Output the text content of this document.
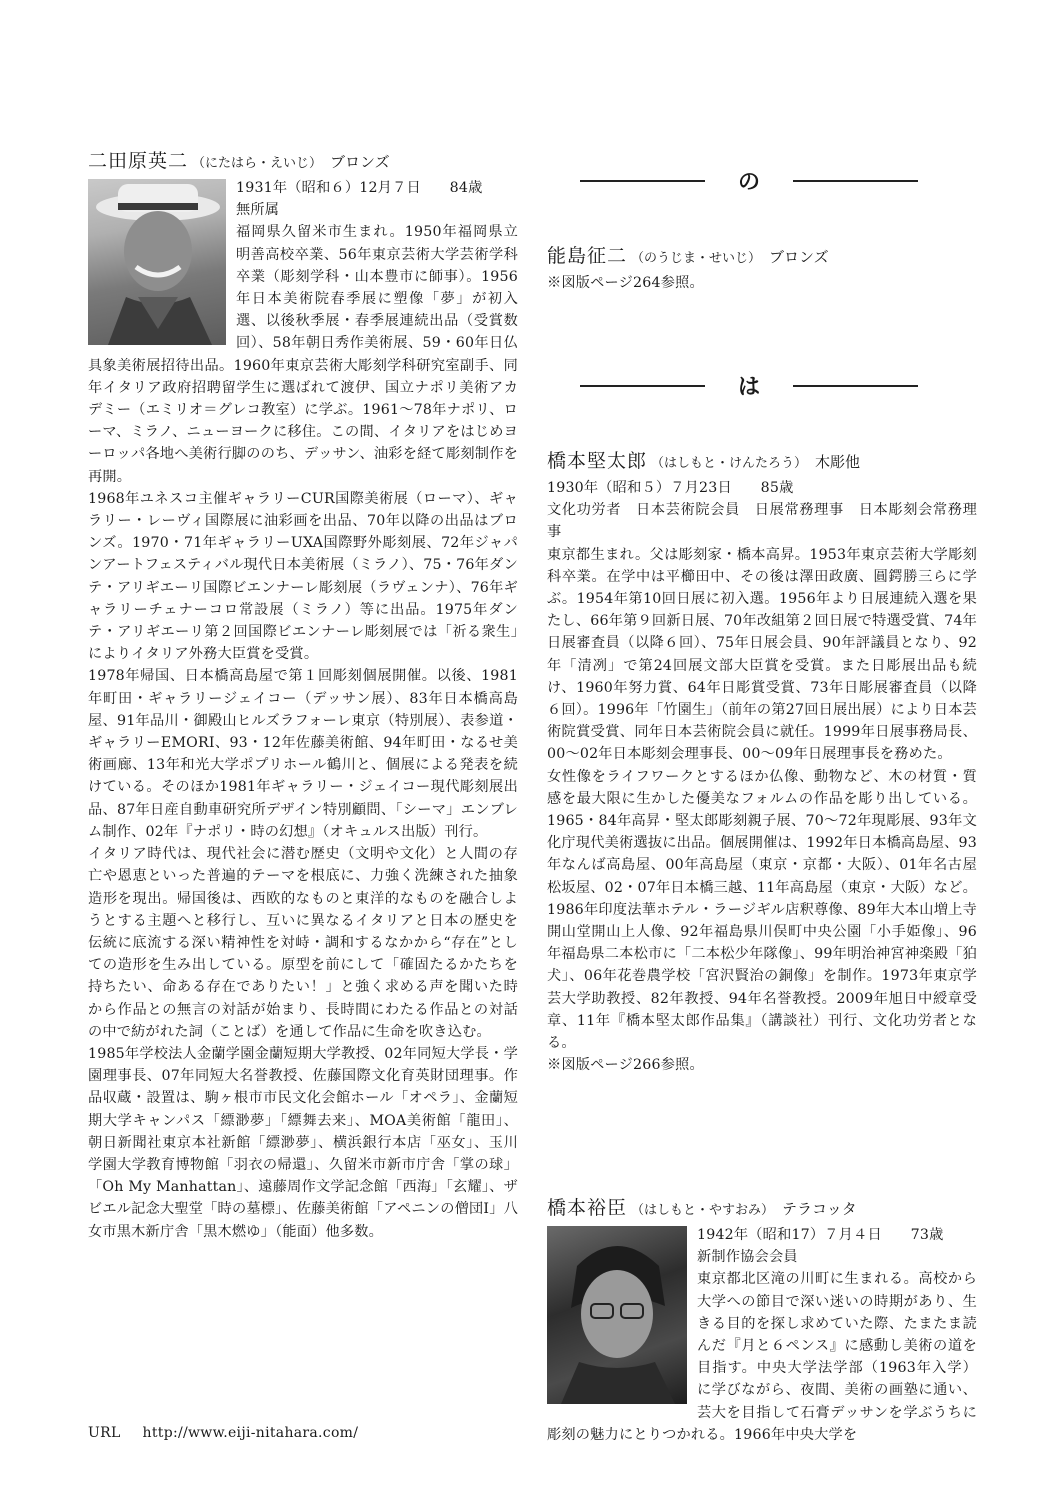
二田原英二 （にたはら・えいじ） ブロンズ

1931年（昭和６）12月７日　　84歳

無所属

福岡県久留米市生まれ。1950年福岡県立明善高校卒業、56年東京芸術大学芸術学科卒業（彫刻学科・山本豊市に師事）。1956年日本美術院春季展に塑像「夢」が初入選、以後秋季展・春季展連続出品（受賞数回）、58年朝日秀作美術展、59・60年日仏具象美術展招待出品。1960年東京芸術大彫刻学科研究室副手、同年イタリア政府招聘留学生に選ばれて渡伊、国立ナポリ美術アカデミー（エミリオ＝グレコ教室）に学ぶ。1961～78年ナポリ、ローマ、ミラノ、ニューヨークに移住。この間、イタリアをはじめヨーロッパ各地へ美術行脚ののち、デッサン、油彩を経て彫刻制作を再開。

1968年ユネスコ主催ギャラリーCUR国際美術展（ローマ）、ギャラリー・レーヴィ国際展に油彩画を出品、70年以降の出品はブロンズ。1970・71年ギャラリーUXA国際野外彫刻展、72年ジャパンアートフェスティバル現代日本美術展（ミラノ）、75・76年ダンテ・アリギエーリ国際ビエンナーレ彫刻展（ラヴェンナ）、76年ギャラリーチェナーコロ常設展（ミラノ）等に出品。1975年ダンテ・アリギエーリ第２回国際ビエンナーレ彫刻展では「祈る衆生」によりイタリア外務大臣賞を受賞。

1978年帰国、日本橋高島屋で第１回彫刻個展開催。以後、1981年町田・ギャラリージェイコー（デッサン展）、83年日本橋高島屋、91年品川・御殿山ヒルズラフォーレ東京（特別展）、表参道・ギャラリーEMORI、93・12年佐藤美術館、94年町田・なるせ美術画廊、13年和光大学ポプリホール鶴川と、個展による発表を続けている。そのほか1981年ギャラリー・ジェイコー現代彫刻展出品、87年日産自動車研究所デザイン特別顧問、「シーマ」エンブレム制作、02年『ナポリ・時の幻想』（オキュルス出版）刊行。

イタリア時代は、現代社会に潜む歴史（文明や文化）と人間の存亡や恩恵といった普遍的テーマを根底に、力強く洗練された抽象造形を現出。帰国後は、西欧的なものと東洋的なものを融合しようとする主題へと移行し、互いに異なるイタリアと日本の歴史を伝統に底流する深い精神性を対峙・調和するなかから“存在”としての造形を生み出している。原型を前にして「確固たるかたちを持ちたい、命ある存在でありたい！」と強く求める声を聞いた時から作品との無言の対話が始まり、長時間にわたる作品との対話の中で紡がれた詞（ことば）を通して作品に生命を吹き込む。

1985年学校法人金蘭学園金蘭短期大学教授、02年同短大学長・学園理事長、07年同短大名誉教授、佐藤国際文化育英財団理事。作品収蔵・設置は、駒ヶ根市市民文化会館ホール「オペラ」、金蘭短期大学キャンパス「縹渺夢」「縹舞去来」、MOA美術館「龍田」、朝日新聞社東京本社新館「縹渺夢」、横浜銀行本店「巫女」、玉川学園大学教育博物館「羽衣の帰還」、久留米市新市庁舎「掌の球」「Oh My Manhattan」、遠藤周作文学記念館「西海」「玄耀」、ザビエル記念大聖堂「時の墓標」、佐藤美術館「アペニンの僧団Ⅰ」八女市黒木新庁舎「黒木燃ゆ」（能面）他多数。

URL http://www.eiji-nitahara.com/
の
能島征二 （のうじま・せいじ） ブロンズ

※図版ページ264参照。

は
橋本堅太郎 （はしもと・けんたろう） 木彫他

1930年（昭和５）７月23日　　85歳

文化功労者　日本芸術院会員　日展常務理事　日本彫刻会常務理事

東京都生まれ。父は彫刻家・橋本高昇。1953年東京芸術大学彫刻科卒業。在学中は平櫛田中、その後は澤田政廣、圓鍔勝三らに学ぶ。1954年第10回日展に初入選。1956年より日展連続入選を果たし、66年第９回新日展、70年改組第２回日展で特選受賞、74年日展審査員（以降６回）、75年日展会員、90年評議員となり、92年「清冽」で第24回展文部大臣賞を受賞。また日彫展出品も続け、1960年努力賞、64年日彫賞受賞、73年日彫展審査員（以降６回）。1996年「竹園生」（前年の第27回日展出展）により日本芸術院賞受賞、同年日本芸術院会員に就任。1999年日展事務局長、00～02年日本彫刻会理事長、00～09年日展理事長を務めた。

女性像をライフワークとするほか仏像、動物など、木の材質・質感を最大限に生かした優美なフォルムの作品を彫り出している。1965・84年高昇・堅太郎彫刻親子展、70～72年現彫展、93年文化庁現代美術選抜に出品。個展開催は、1992年日本橋高島屋、93年なんば高島屋、00年高島屋（東京・京都・大阪）、01年名古屋松坂屋、02・07年日本橋三越、11年高島屋（東京・大阪）など。1986年印度法華ホテル・ラージギル店釈尊像、89年大本山増上寺開山堂開山上人像、92年福島県川俣町中央公園「小手姫像」、96年福島県二本松市に「二本松少年隊像」、99年明治神宮神楽殿「狛犬」、06年花巻農学校「宮沢賢治の銅像」を制作。1973年東京学芸大学助教授、82年教授、94年名誉教授。2009年旭日中綬章受章、11年『橋本堅太郎作品集』（講談社）刊行、文化功労者となる。

※図版ページ266参照。

橋本裕臣 （はしもと・やすおみ） テラコッタ

1942年（昭和17）７月４日　　73歳

新制作協会会員

東京都北区滝の川町に生まれる。高校から大学への節目で深い迷いの時期があり、生きる目的を探し求めていた際、たまたま読んだ『月と６ペンス』に感動し美術の道を目指す。中央大学法学部（1963年入学）に学びながら、夜間、美術の画塾に通い、芸大を目指して石膏デッサンを学ぶうちに彫刻の魅力にとりつかれる。1966年中央大学を
